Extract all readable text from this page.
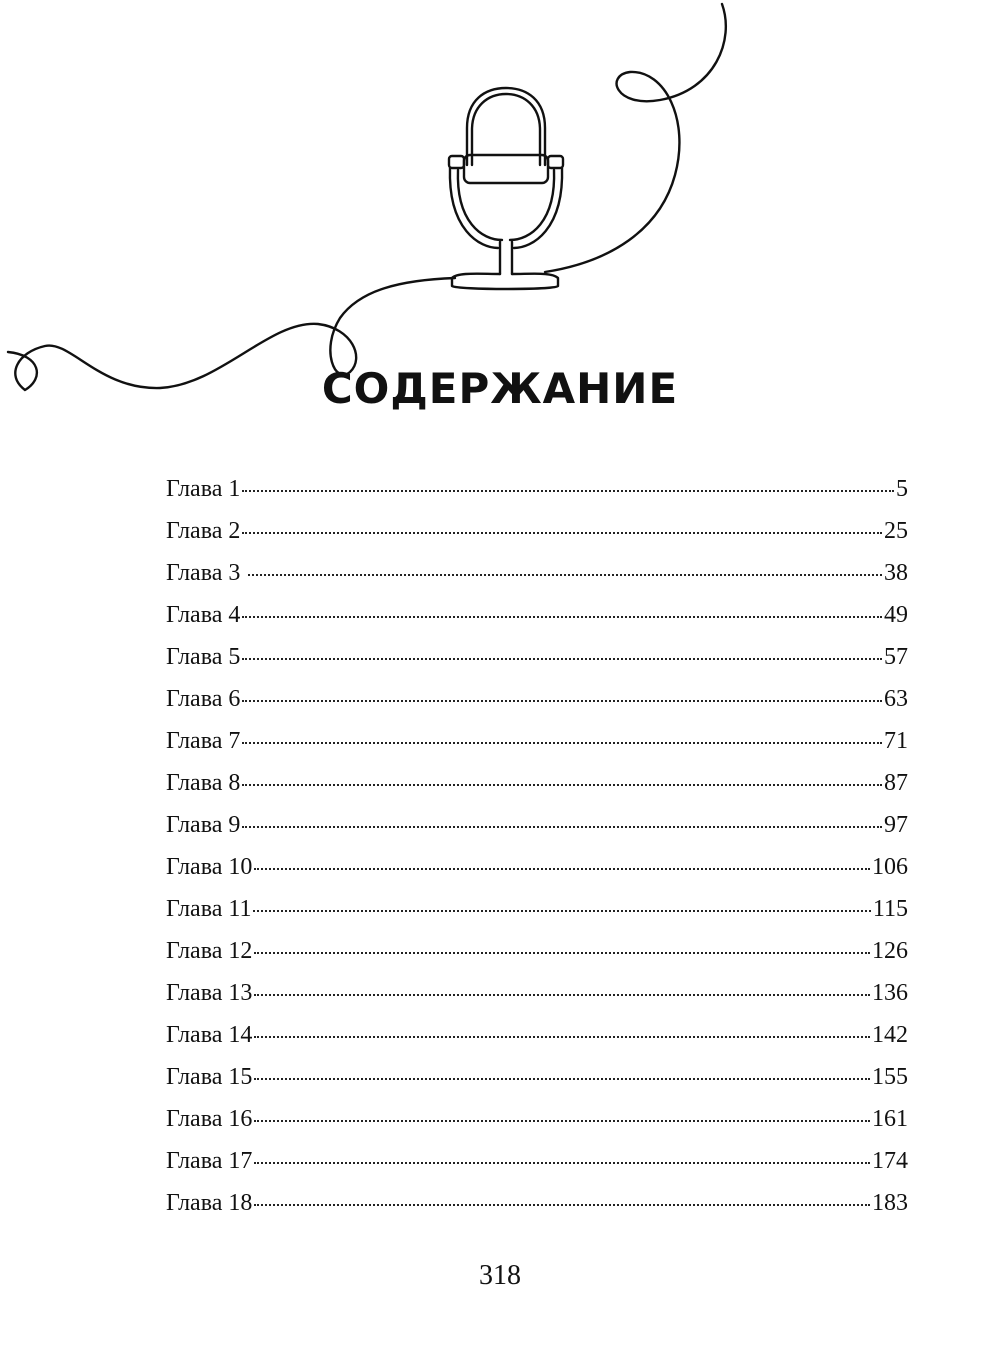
СОДЕРЖАНИЕ
Глава 1	5
Глава 2	25
Глава 3	38
Глава 4	49
Глава 5	57
Глава 6	63
Глава 7	71
Глава 8	87
Глава 9	97
Глава 10	106
Глава 11	115
Глава 12	126
Глава 13	136
Глава 14	142
Глава 15	155
Глава 16	161
Глава 17	174
Глава 18	183
318
